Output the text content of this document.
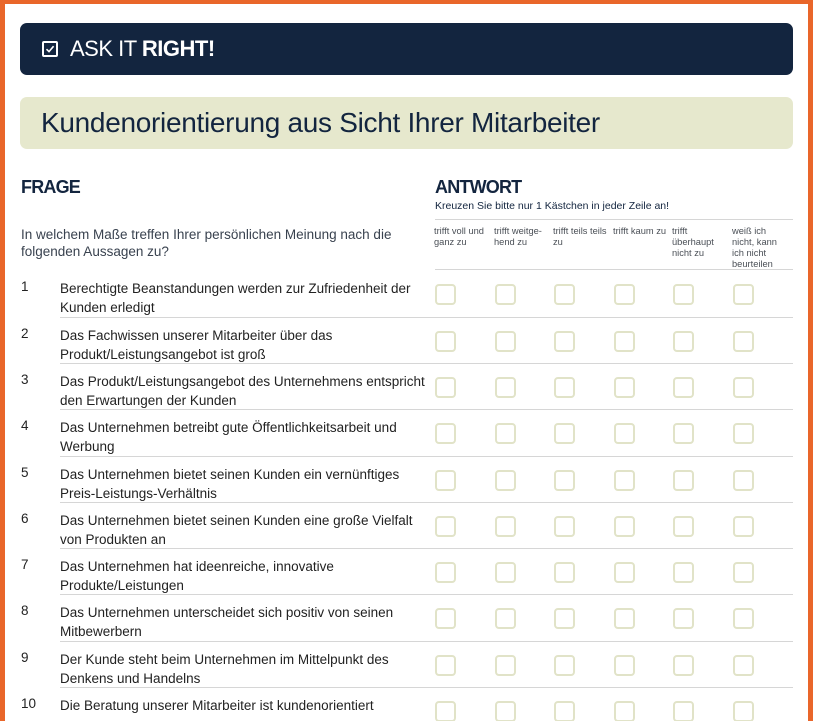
ASK IT RIGHT!
Kundenorientierung aus Sicht Ihrer Mitarbeiter
FRAGE	ANTWORT
Kreuzen Sie bitte nur 1 Kästchen in jeder Zeile an!
In welchem Maße treffen Ihrer persönlichen Meinung nach die folgenden Aussagen zu?
trifft voll und ganz zu
trifft weitge-hend zu
trifft teils teils zu
trifft kaum zu trifft überhaupt nicht zu
weiß ich nicht, kann ich nicht beurteilen
1 Berechtigte Beanstandungen werden zur Zufriedenheit der Kunden erledigt
2 Das Fachwissen unserer Mitarbeiter über das Produkt/Leistungsangebot ist groß
3 Das Produkt/Leistungsangebot des Unternehmens entspricht den Erwartungen der Kunden
4 Das Unternehmen betreibt gute Öffentlichkeitsarbeit und Werbung
5 Das Unternehmen bietet seinen Kunden ein vernünftiges Preis-Leistungs-Verhältnis
6 Das Unternehmen bietet seinen Kunden eine große Vielfalt von Produkten an
7 Das Unternehmen hat ideenreiche, innovative Produkte/Leistungen
8 Das Unternehmen unterscheidet sich positiv von seinen Mitbewerbern
9 Der Kunde steht beim Unternehmen im Mittelpunkt des Denkens und Handelns
10 Die Beratung unserer Mitarbeiter ist kundenorientiert
